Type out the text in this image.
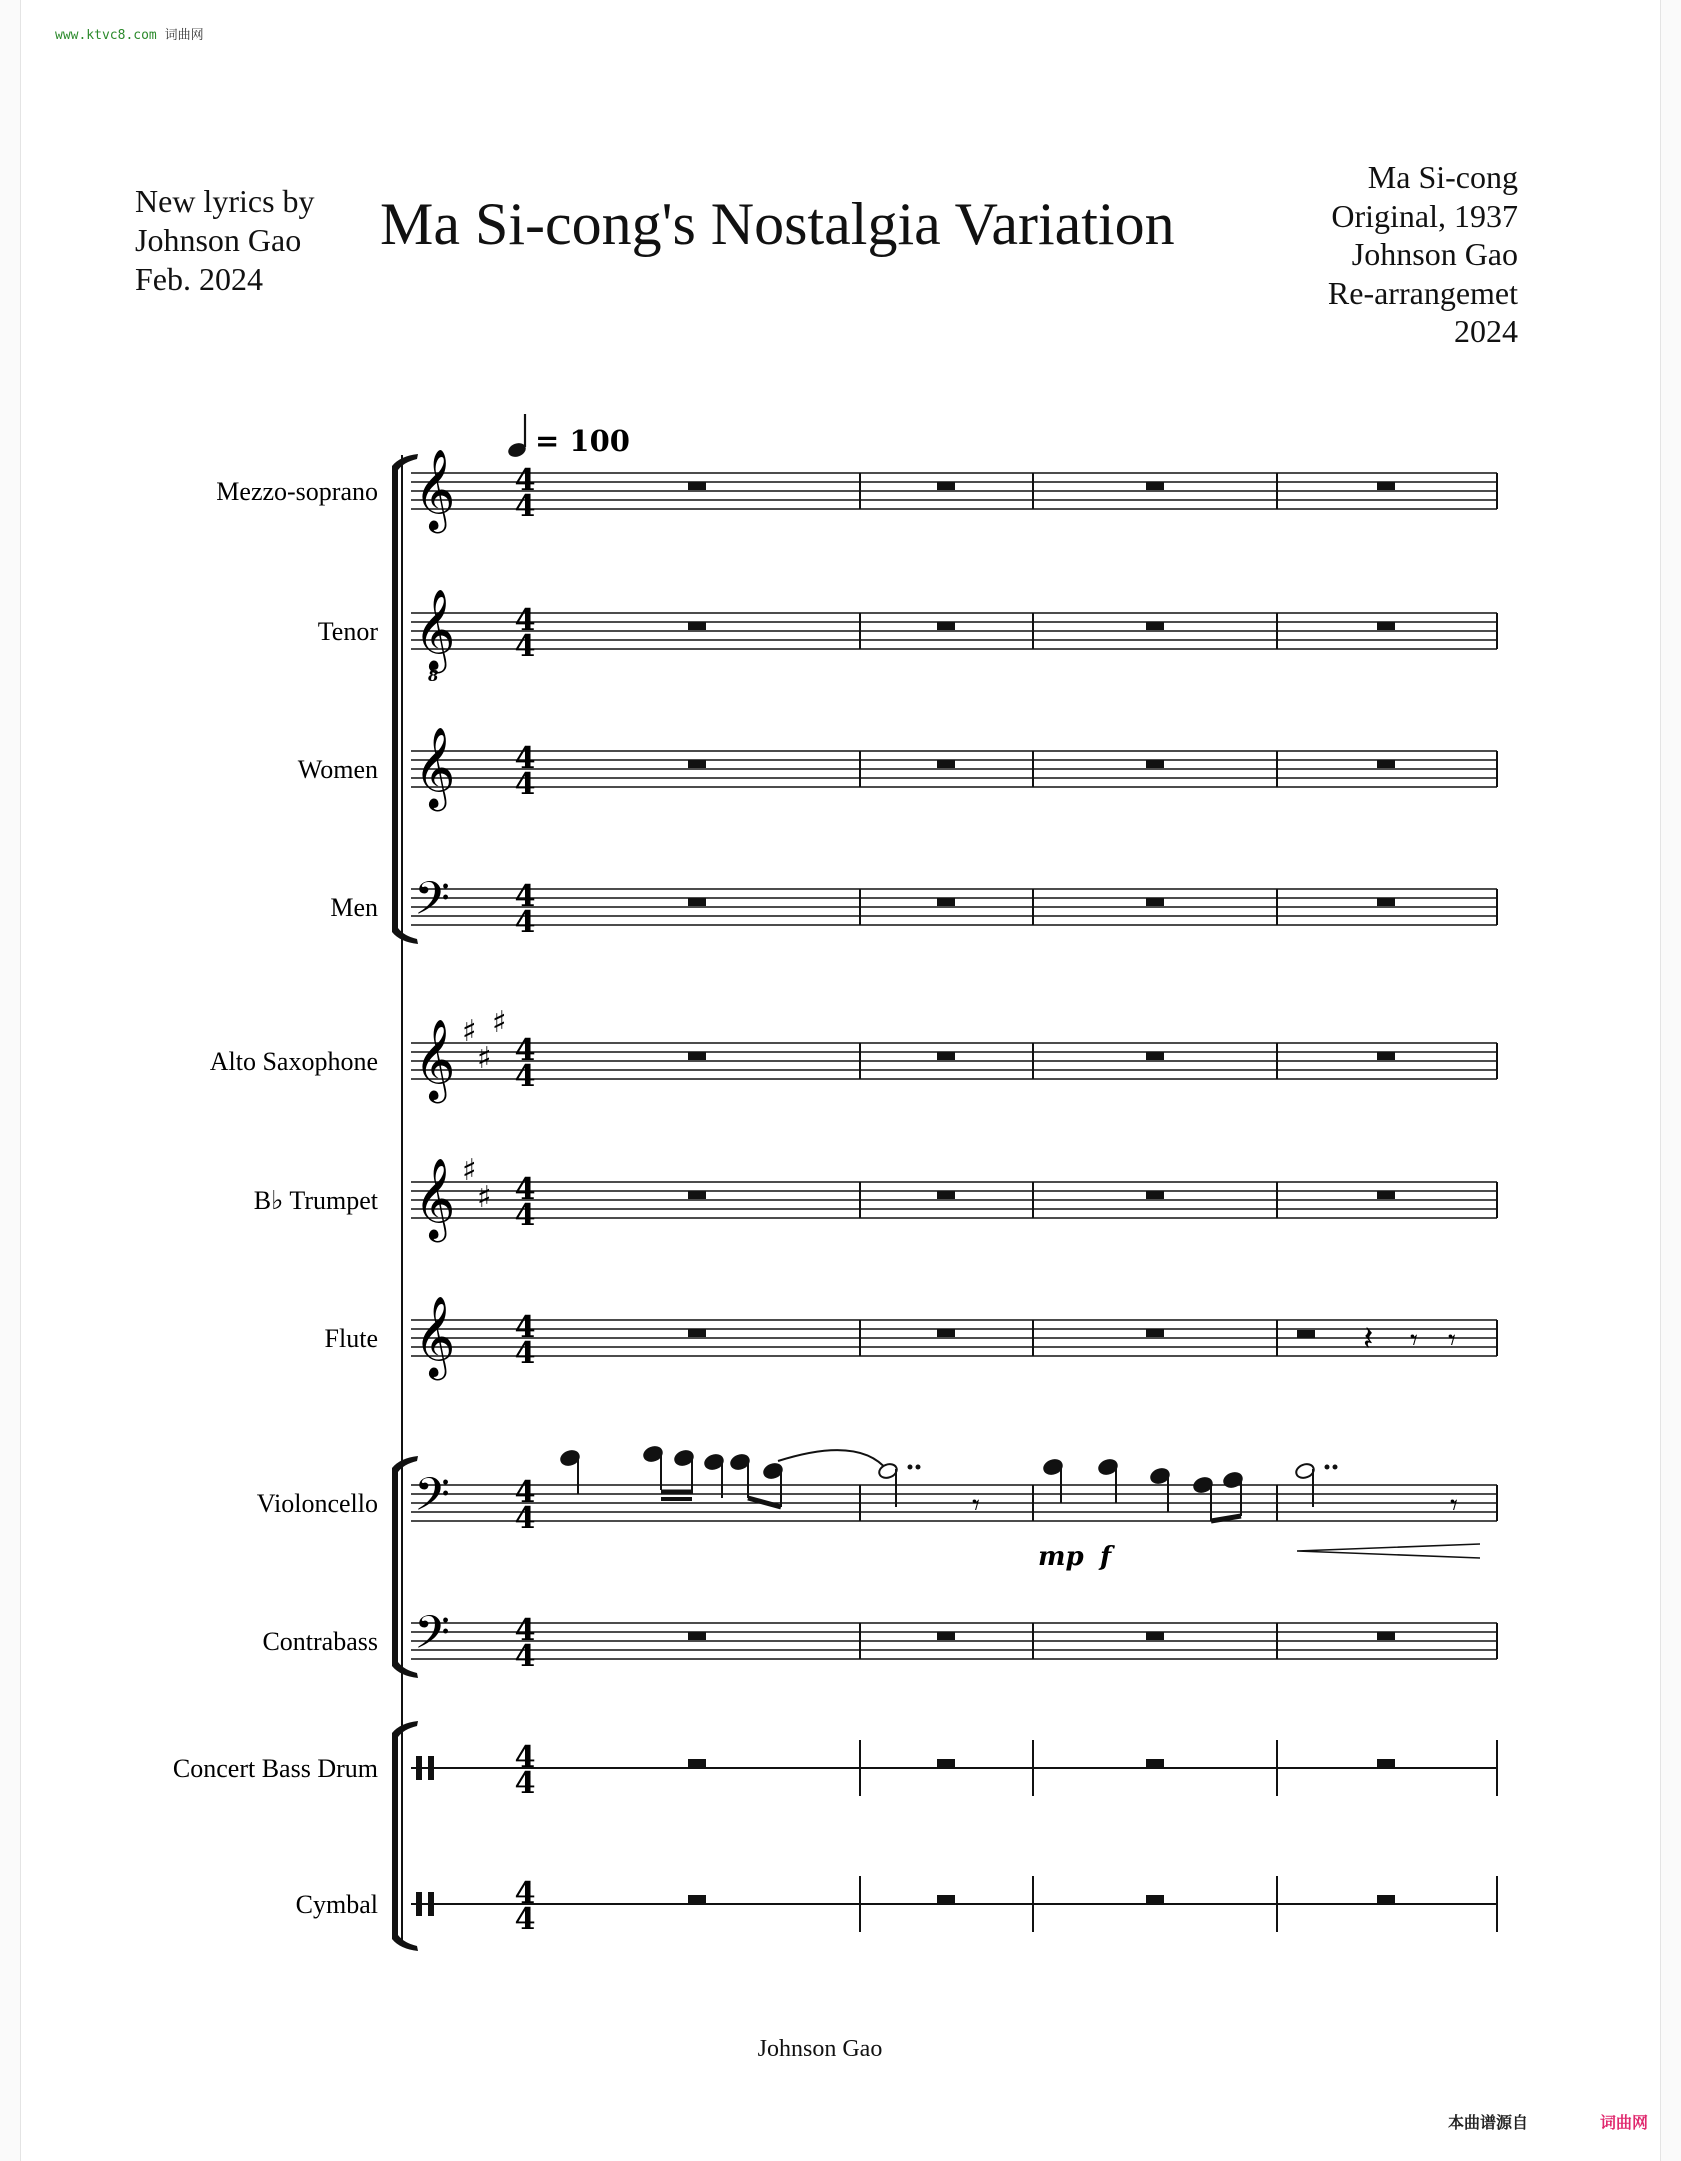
www.ktvc8.com 词曲网
New lyrics by
Johnson Gao
Feb. 2024
Ma Si-cong's Nostalgia Variation
Ma Si-cong
Original, 1937
Johnson Gao
Re-arrangemet
2024
= 100
Mezzo-soprano 𝄞 4
4
Tenor 𝄞
8
4
4
Women 𝄞 4
4
Men 𝄢 4
4
Alto Saxophone 𝄞 ♯
♯
♯
4
4
B♭ Trumpet 𝄞 ♯
♯ 4
4
Flute 𝄞 4
4
Violoncello 𝄢 4
4
Contrabass 𝄢 4
4
Concert Bass Drum	4
4
Cymbal	4
4
mp f
𝄽 𝄾 𝄾
𝄾	𝄾
Johnson Gao
本曲谱源自	词曲网
